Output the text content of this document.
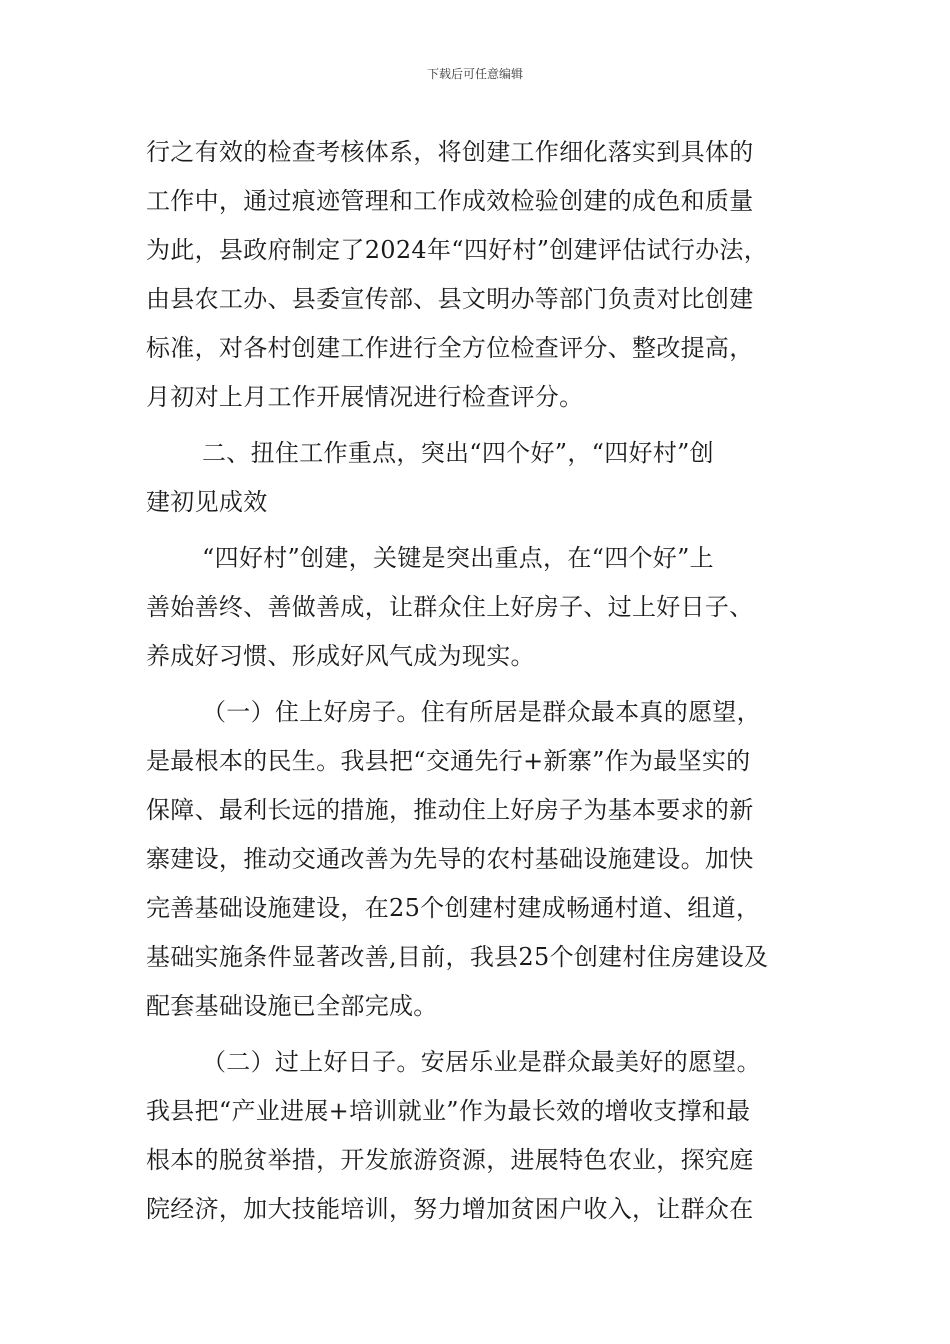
下载后可任意编辑
行之有效的检查考核体系，将创建工作细化落实到具体的
工作中，通过痕迹管理和工作成效检验创建的成色和质量
为此，县政府制定了2024年“四好村”创建评估试行办法，
由县农工办、县委宣传部、县文明办等部门负责对比创建
标准，对各村创建工作进行全方位检查评分、整改提高，
月初对上月工作开展情况进行检查评分。
二、扭住工作重点，突出“四个好”，“四好村”创
建初见成效
“四好村”创建，关键是突出重点，在“四个好”上
善始善终、善做善成，让群众住上好房子、过上好日子、
养成好习惯、形成好风气成为现实。
（一）住上好房子。住有所居是群众最本真的愿望，
是最根本的民生。我县把“交通先行+新寨”作为最坚实的
保障、最利长远的措施，推动住上好房子为基本要求的新
寨建设，推动交通改善为先导的农村基础设施建设。加快
完善基础设施建设，在25个创建村建成畅通村道、组道，
基础实施条件显著改善,目前，我县25个创建村住房建设及
配套基础设施已全部完成。
（二）过上好日子。安居乐业是群众最美好的愿望。
我县把“产业进展+培训就业”作为最长效的增收支撑和最
根本的脱贫举措，开发旅游资源，进展特色农业，探究庭
院经济，加大技能培训，努力增加贫困户收入，让群众在
